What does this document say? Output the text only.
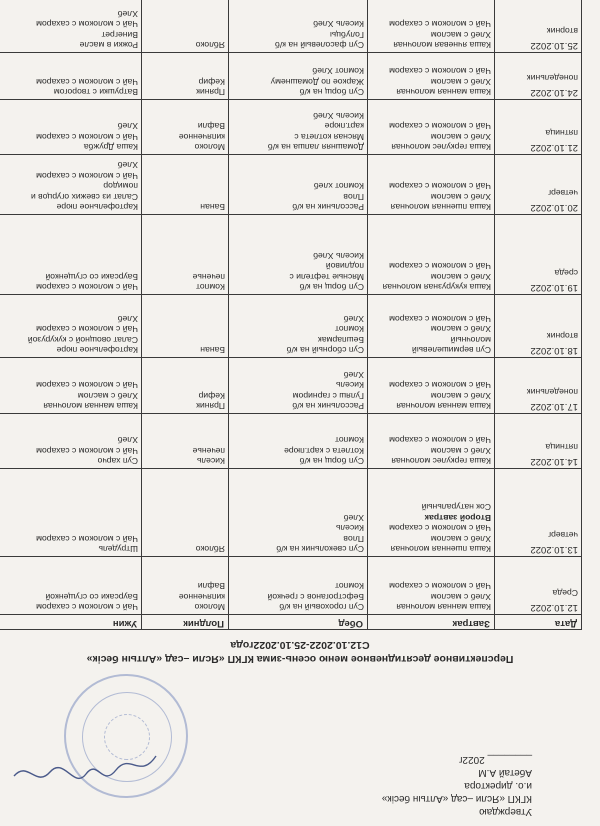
Утверждаю
КГКП «Ясли –сад «Алтын бесік»
и.о. директора
Абетай А.М
________ 2022г
Перспективное десятидневное меню осень-зима КГКП «Ясли –сад «Алтын бесік»
С12.10.2022-25.10.2022года
Дата	Завтрак	Обед	Полдник	Ужин

12.10.2022
Среда	Каша манная молочная
Хлеб с маслом
Чай с молоком с сахаром	Суп гороховый на к/б
Бефстроганов с гречкой
Компот	Молоко
кипяченное
Вафли	Чай с молоком с сахаром
Баурсаки со сгущенкой

13.10.2022
четверг	Каша пшенная молочная
Хлеб с маслом
Чай с молоком с сахаром
Второй завтрак
Сок натуральный	Суп свекольник на к/б
Плов
Кисель
Хлеб	Яблоко	Штрудель
Чай с молоком с сахаром

14.10.2022
пятница	Каша геркулес молочная
Хлеб с маслом
Чай с молоком с сахаром	Суп борщ на к/б
Котлета с карт.пюре
Компот	Кисель
печенье	Суп харчо
Чай с молоком с сахаром
Хлеб

17.10.2022
понедельник	Каша манная молочная
Хлеб с маслом
Чай с молоком с сахаром	Рассольник на к/б
Гуляш с гарниром
Кисель
Хлеб	Пряник
Кефир	Каша манная молочная
Хлеб с маслом
Чай с молоком с сахаром

18.10.2022
вторник	Суп вермишелевый
молочный
Хлеб с маслом
Чай с молоком с сахаром	Суп сборный на к/б
Бешпармак
Компот
Хлеб	Банан	Картофельное пюре
Салат овощной с кукурузой
Чай с молоком с сахаром
Хлеб

19.10.2022
среда	Каша кукурузная молочная
Хлеб с маслом
Чай с молоком с сахаром	Суп борщ на к/б
Мясные тефтели с
подливой
Кисель Хлеб	Компот
печенье	Чай с молоком с сахаром
Баурсаки со сгущенкой

20.10.2022
четверг	Каша пшенная молочная
Хлеб с маслом
Чай с молоком с сахаром	Рассольник на к/б
Плов
Компот хлеб	Банан	Картофельное пюре
Салат из свежих огурцов и
помидор
Чай с молоком с сахаром
Хлеб

21.10.2022
пятница	Каша геркулес молочная
Хлеб с маслом
Чай с молоком с сахаром	Домашняя лапша на к/б
Мясная котлета с
карт.пюре
Кисель Хлеб	Молоко
кипяченное
Вафли	Каша Дружба
Чай с молоком с сахаром
Хлеб

24.10.2022
понедельник	Каша манная молочная
Хлеб с маслом
Чай с молоком с сахаром	Суп борщ на к/б
Жаркое по Домашнему
Компот Хлеб	Пряник
Кефир	Ватрушки с творогом
Чай с молоком с сахаром

25.10.2022
вторник	Каша ячневая молочная
Хлеб с маслом
Чай с молоком с сахаром	Суп фасолевый на к/б
Голубцы
Кисель Хлеб	Яблоко	Рожки в масле
Винегрет
Чай с молоком с сахаром
Хлеб
